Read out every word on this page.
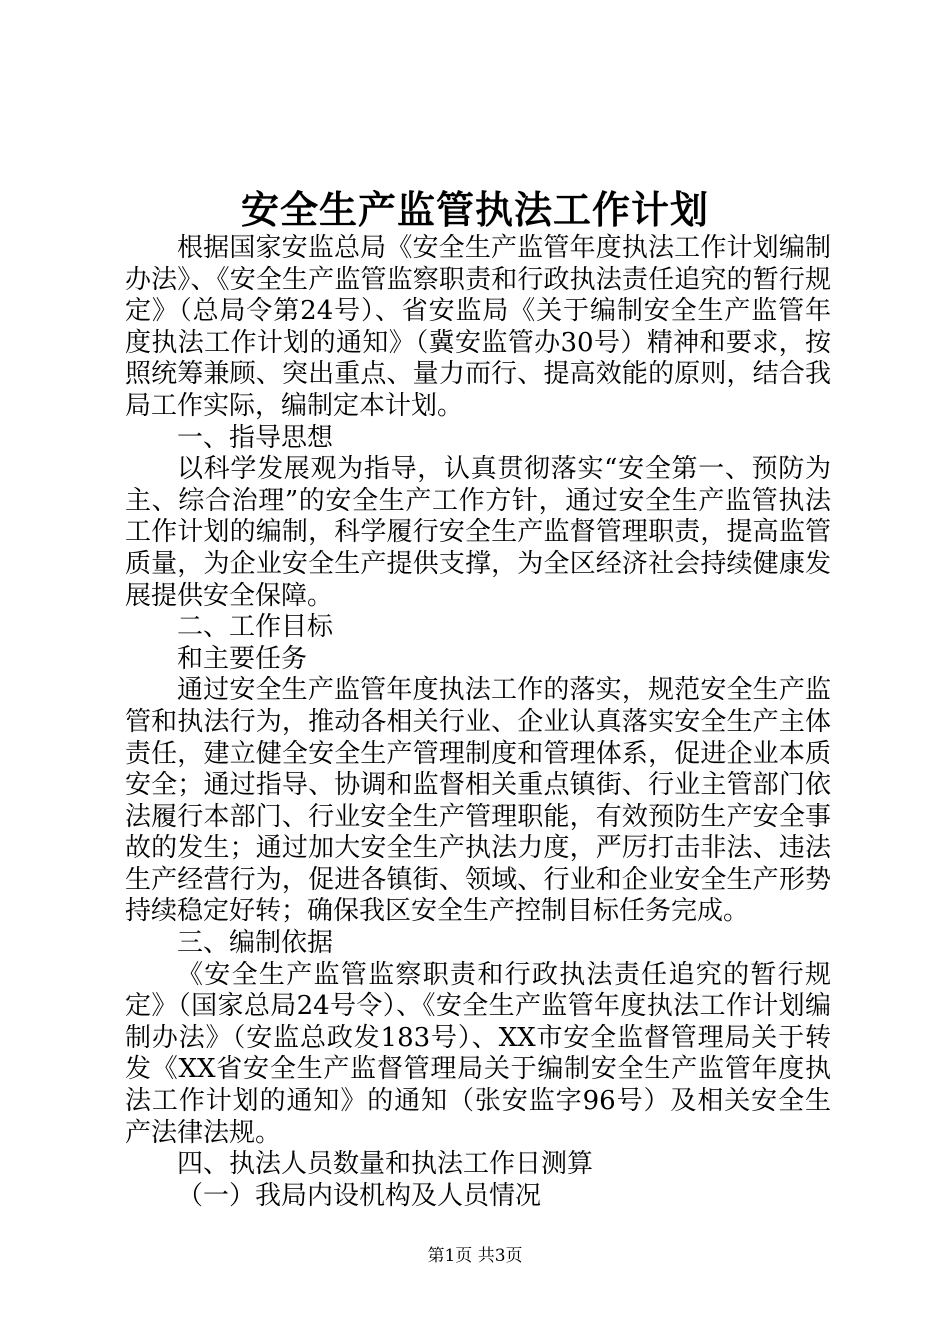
安全生产监管执法工作计划

根据国家安监总局《安全生产监管年度执法工作计划编制办法》、《安全生产监管监察职责和行政执法责任追究的暂行规定》（总局令第24号）、省安监局《关于编制安全生产监管年度执法工作计划的通知》（冀安监管办30号）精神和要求，按照统筹兼顾、突出重点、量力而行、提高效能的原则，结合我局工作实际，编制定本计划。

一、指导思想

以科学发展观为指导，认真贯彻落实“安全第一、预防为主、综合治理”的安全生产工作方针，通过安全生产监管执法工作计划的编制，科学履行安全生产监督管理职责，提高监管质量，为企业安全生产提供支撑，为全区经济社会持续健康发展提供安全保障。

二、工作目标

和主要任务

通过安全生产监管年度执法工作的落实，规范安全生产监管和执法行为，推动各相关行业、企业认真落实安全生产主体责任，建立健全安全生产管理制度和管理体系，促进企业本质安全；通过指导、协调和监督相关重点镇街、行业主管部门依法履行本部门、行业安全生产管理职能，有效预防生产安全事故的发生；通过加大安全生产执法力度，严厉打击非法、违法生产经营行为，促进各镇街、领域、行业和企业安全生产形势持续稳定好转；确保我区安全生产控制目标任务完成。

三、编制依据

《安全生产监管监察职责和行政执法责任追究的暂行规定》（国家总局24号令）、《安全生产监管年度执法工作计划编制办法》（安监总政发183号）、XX市安全监督管理局关于转发《XX省安全生产监督管理局关于编制安全生产监管年度执法工作计划的通知》的通知（张安监字96号）及相关安全生产法律法规。

四、执法人员数量和执法工作日测算

（一）我局内设机构及人员情况

第1页 共3页
